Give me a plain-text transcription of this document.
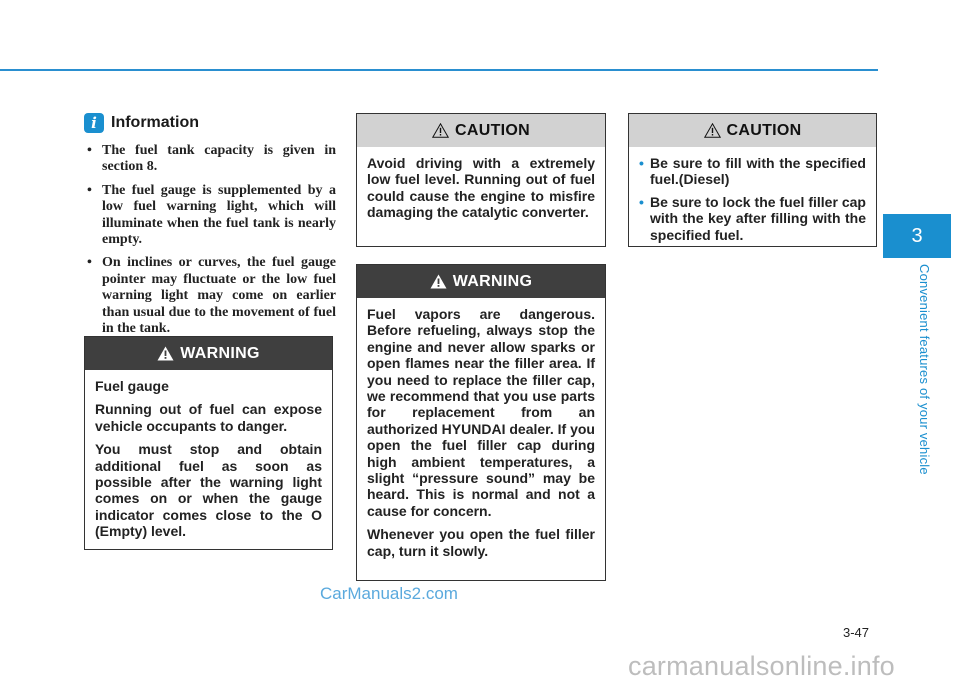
3
Convenient features of your vehicle
i Information
• The fuel tank capacity is given in section 8.
• The fuel gauge is supplemented by a low fuel warning light, which will illuminate when the fuel tank is nearly empty.
• On inclines or curves, the fuel gauge pointer may fluctuate or the low fuel warning light may come on earlier than usual due to the movement of fuel in the tank.
WARNING

Fuel gauge

Running out of fuel can expose vehicle occupants to danger.

You must stop and obtain additional fuel as soon as possible after the warning light comes on or when the gauge indicator comes close to the O (Empty) level.

CAUTION

Avoid driving with a extremely low fuel level. Running out of fuel could cause the engine to misfire damaging the catalytic converter.

WARNING

Fuel vapors are dangerous. Before refueling, always stop the engine and never allow sparks or open flames near the filler area. If you need to replace the filler cap, we recommend that you use parts for replacement from an authorized HYUNDAI dealer. If you open the fuel filler cap during high ambient temperatures, a slight “pressure sound” may be heard. This is normal and not a cause for concern.

Whenever you open the fuel filler cap, turn it slowly.

CAUTION
• Be sure to fill with the specified fuel.(Diesel)
• Be sure to lock the fuel filler cap with the key after filling with the specified fuel.
CarManuals2.com
3-47
carmanualsonline.info
